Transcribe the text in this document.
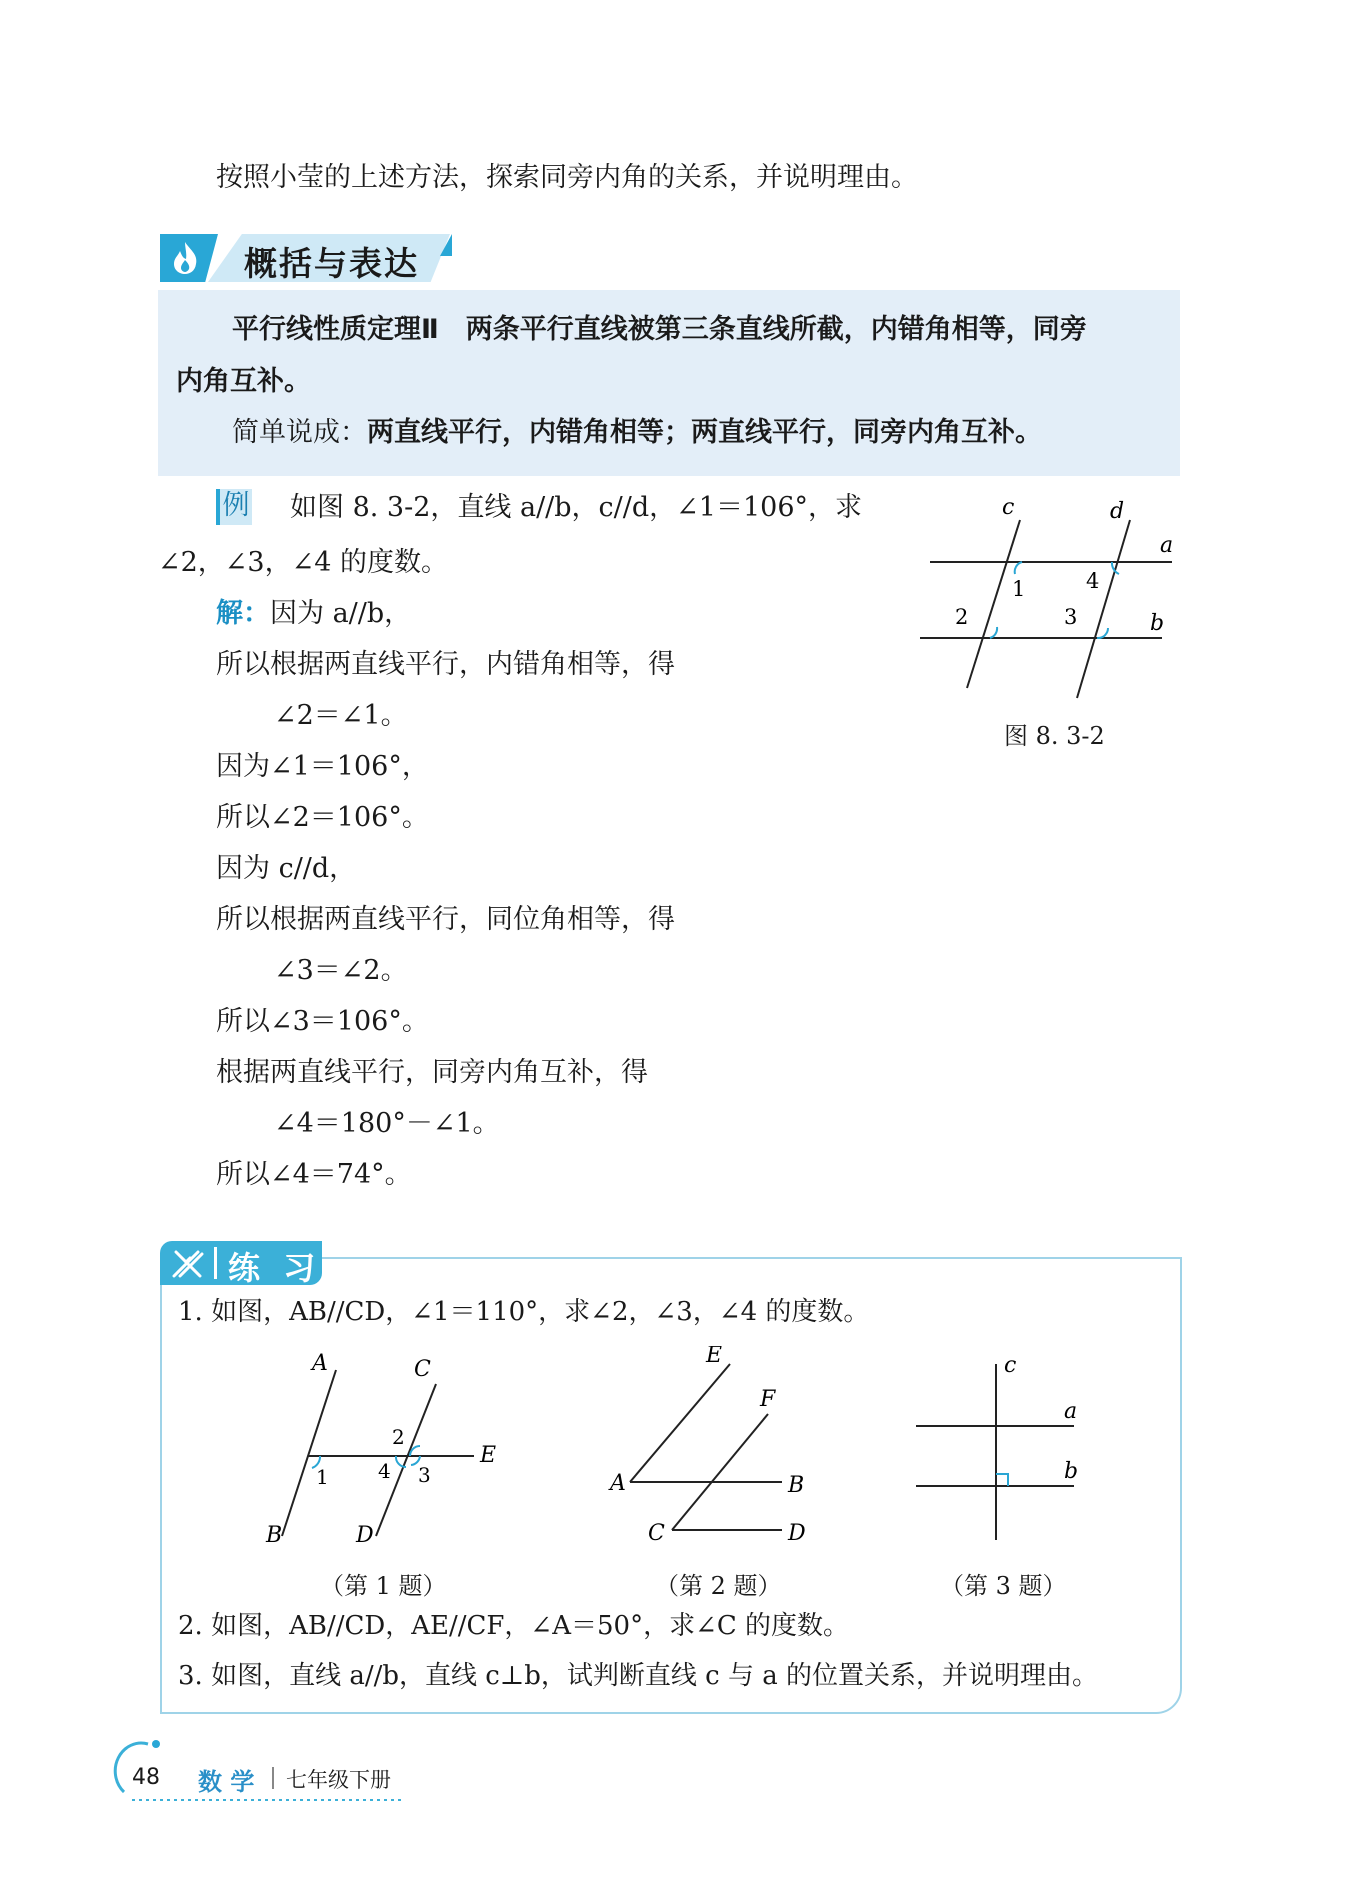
按照小莹的上述方法，探索同旁内角的关系，并说明理由。
概括与表达
平行线性质定理Ⅱ　两条平行直线被第三条直线所截，内错角相等，同旁
内角互补。
简单说成：两直线平行，内错角相等；两直线平行，同旁内角互补。
例 如图 8. 3-2，直线 a//b，c//d，∠1＝106°，求
∠2，∠3，∠4 的度数。
解：因为 a//b，
所以根据两直线平行，内错角相等，得
∠2＝∠1。
因为∠1＝106°，
所以∠2＝106°。
因为 c//d，
所以根据两直线平行，同位角相等，得
∠3＝∠2。
所以∠3＝106°。
根据两直线平行，同旁内角互补，得
∠4＝180°－∠1。
所以∠4＝74°。
c	d
a
b
1
2	3
4
图 8. 3-2
练 习
1. 如图，AB//CD，∠1＝110°，求∠2，∠3，∠4 的度数。
A
B
C
D
E
1
2
3
4
（第 1 题）
A	B
C	D
E
F
（第 2 题）
c
a
b
（第 3 题）
2. 如图，AB//CD，AE//CF，∠A＝50°，求∠C 的度数。
3. 如图，直线 a//b，直线 c⊥b，试判断直线 c 与 a 的位置关系，并说明理由。
48 数 学 七年级下册
